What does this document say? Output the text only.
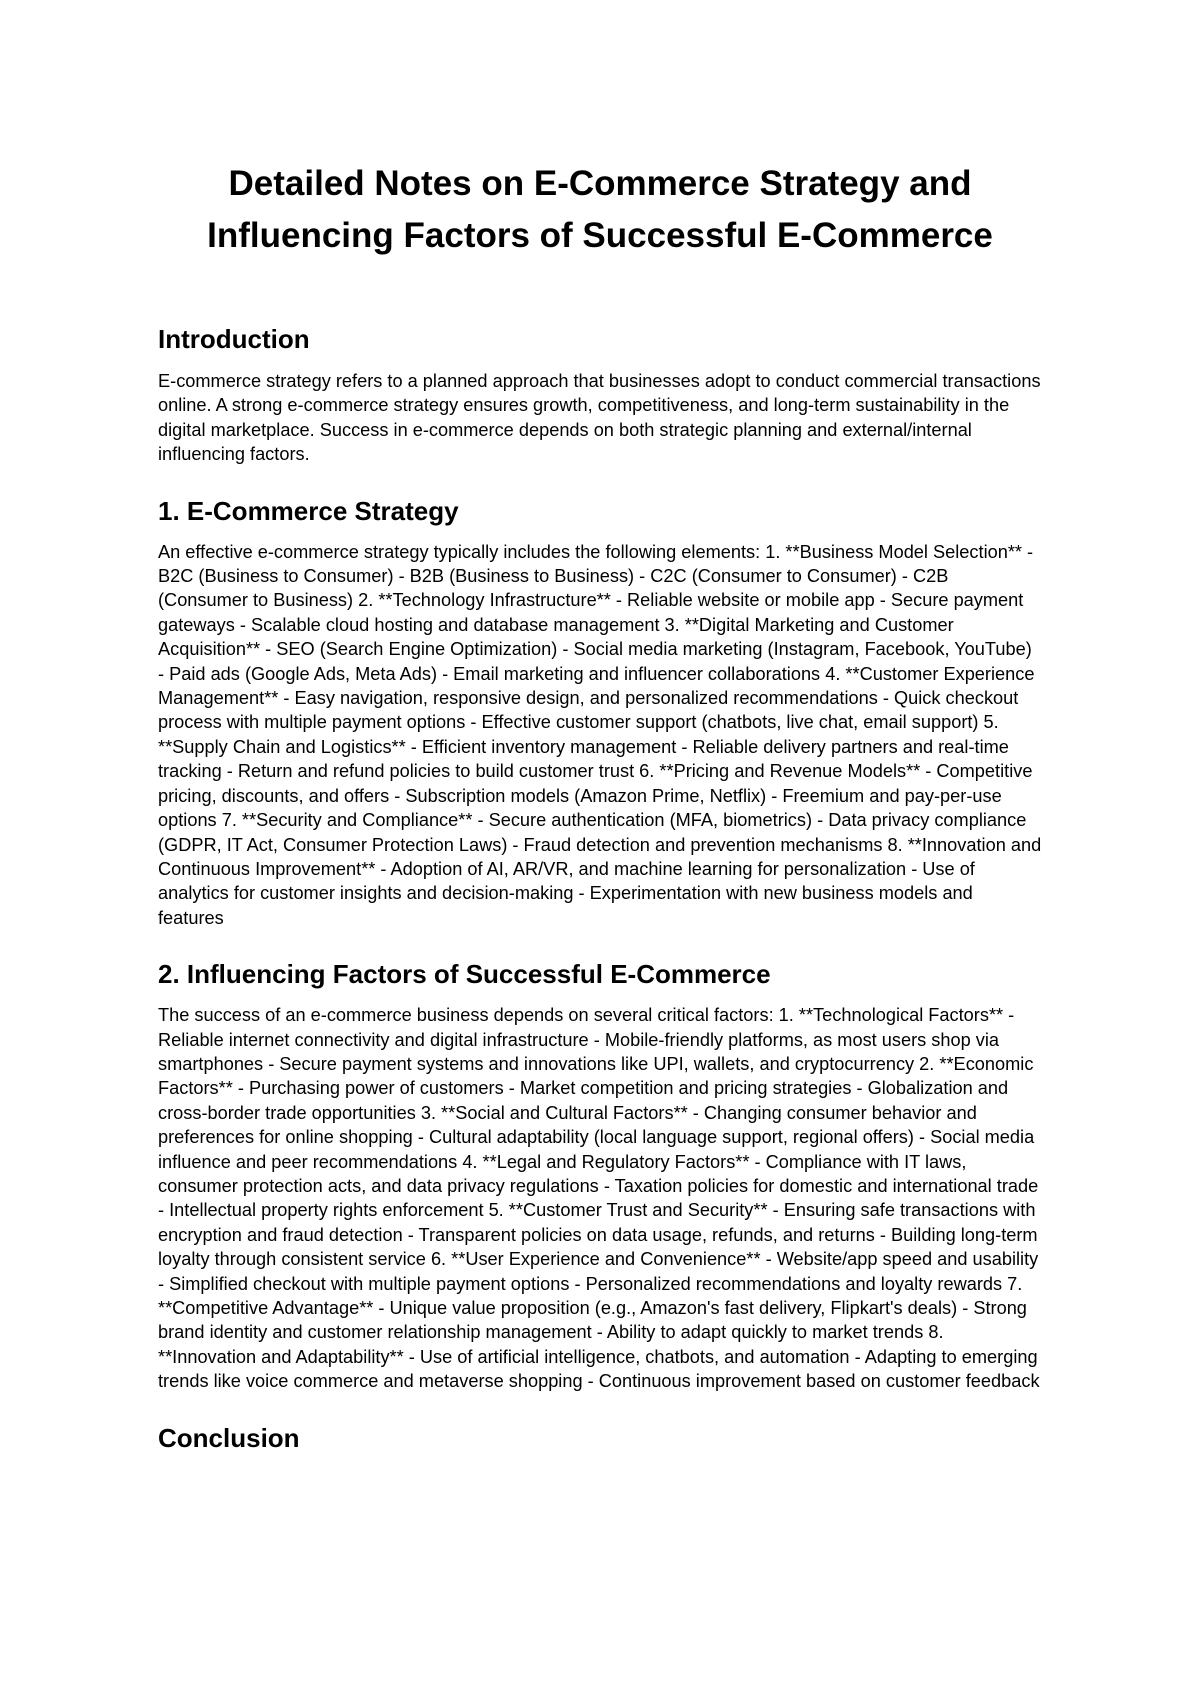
Detailed Notes on E-Commerce Strategy and
Influencing Factors of Successful E-Commerce
Introduction

E-commerce strategy refers to a planned approach that businesses adopt to conduct commercial transactions online. A strong e-commerce strategy ensures growth, competitiveness, and long-term sustainability in the digital marketplace. Success in e-commerce depends on both strategic planning and external/internal influencing factors.

1. E-Commerce Strategy

An effective e-commerce strategy typically includes the following elements: 1. **Business Model Selection** - B2C (Business to Consumer) - B2B (Business to Business) - C2C (Consumer to Consumer) - C2B (Consumer to Business) 2. **Technology Infrastructure** - Reliable website or mobile app - Secure payment gateways - Scalable cloud hosting and database management 3. **Digital Marketing and Customer Acquisition** - SEO (Search Engine Optimization) - Social media marketing (Instagram, Facebook, YouTube) - Paid ads (Google Ads, Meta Ads) - Email marketing and influencer collaborations 4. **Customer Experience Management** - Easy navigation, responsive design, and personalized recommendations - Quick checkout process with multiple payment options - Effective customer support (chatbots, live chat, email support) 5. **Supply Chain and Logistics** - Efficient inventory management - Reliable delivery partners and real-time tracking - Return and refund policies to build customer trust 6. **Pricing and Revenue Models** - Competitive pricing, discounts, and offers - Subscription models (Amazon Prime, Netflix) - Freemium and pay-per-use options 7. **Security and Compliance** - Secure authentication (MFA, biometrics) - Data privacy compliance (GDPR, IT Act, Consumer Protection Laws) - Fraud detection and prevention mechanisms 8. **Innovation and Continuous Improvement** - Adoption of AI, AR/VR, and machine learning for personalization - Use of analytics for customer insights and decision-making - Experimentation with new business models and features

2. Influencing Factors of Successful E-Commerce

The success of an e-commerce business depends on several critical factors: 1. **Technological Factors** - Reliable internet connectivity and digital infrastructure - Mobile-friendly platforms, as most users shop via smartphones - Secure payment systems and innovations like UPI, wallets, and cryptocurrency 2. **Economic Factors** - Purchasing power of customers - Market competition and pricing strategies - Globalization and cross-border trade opportunities 3. **Social and Cultural Factors** - Changing consumer behavior and preferences for online shopping - Cultural adaptability (local language support, regional offers) - Social media influence and peer recommendations 4. **Legal and Regulatory Factors** - Compliance with IT laws, consumer protection acts, and data privacy regulations - Taxation policies for domestic and international trade - Intellectual property rights enforcement 5. **Customer Trust and Security** - Ensuring safe transactions with encryption and fraud detection - Transparent policies on data usage, refunds, and returns - Building long-term loyalty through consistent service 6. **User Experience and Convenience** - Website/app speed and usability - Simplified checkout with multiple payment options - Personalized recommendations and loyalty rewards 7. **Competitive Advantage** - Unique value proposition (e.g., Amazon's fast delivery, Flipkart's deals) - Strong brand identity and customer relationship management - Ability to adapt quickly to market trends 8. **Innovation and Adaptability** - Use of artificial intelligence, chatbots, and automation - Adapting to emerging trends like voice commerce and metaverse shopping - Continuous improvement based on customer feedback

Conclusion
